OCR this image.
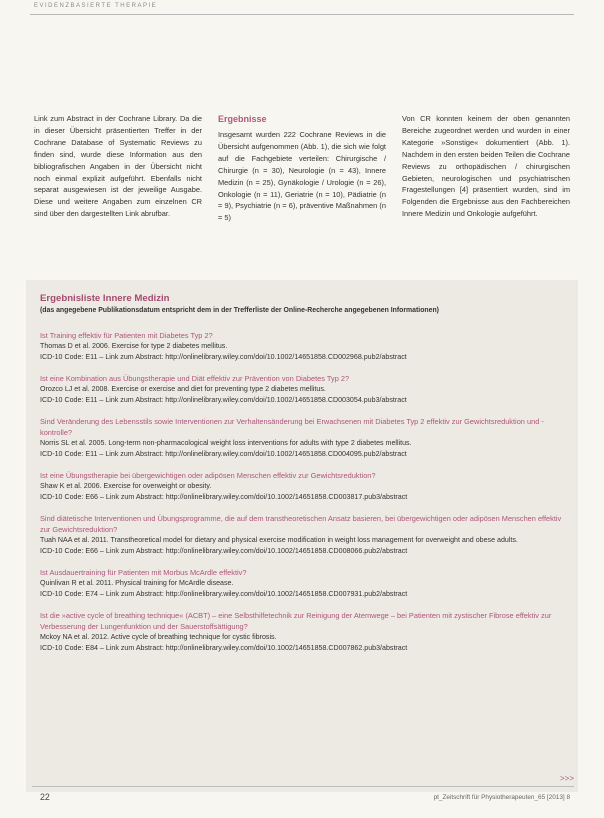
EVIDENZBASIERTE THERAPIE
Link zum Abstract in der Cochrane Library. Da die in dieser Übersicht präsentierten Treffer in der Cochrane Database of Systematic Reviews zu finden sind, wurde diese Information aus den bibliografischen Angaben in der Übersicht nicht noch einmal explizit aufgeführt. Ebenfalls nicht separat ausgewiesen ist der jeweilige Ausgabe. Diese und weitere Angaben zum einzelnen CR sind über den dargestellten Link abrufbar.
Ergebnisse
Insgesamt wurden 222 Cochrane Reviews in die Übersicht aufgenommen (Abb. 1), die sich wie folgt auf die Fachgebiete verteilen: Chirurgische / Chirurgie (n = 30), Neurologie (n = 43), Innere Medizin (n = 25), Gynäkologie / Urologie (n = 26), Onkologie (n = 11), Geriatrie (n = 10), Pädiatrie (n = 9), Psychiatrie (n = 6), präventive Maßnahmen (n = 5)
Von CR konnten keinem der oben genannten Bereiche zugeordnet werden und wurden in einer Kategorie »Sonstige« dokumentiert (Abb. 1). Nachdem in den ersten beiden Teilen die Cochrane Reviews zu orthopädischen / chirurgischen Gebieten, neurologischen und psychiatrischen Fragestellungen [4] präsentiert wurden, sind im Folgenden die Ergebnisse aus den Fachbereichen Innere Medizin und Onkologie aufgeführt.
Ergebnisliste Innere Medizin
(das angegebene Publikationsdatum entspricht dem in der Trefferliste der Online-Recherche angegebenen Informationen)
Ist Training effektiv für Patienten mit Diabetes Typ 2?
Thomas D et al. 2006. Exercise for type 2 diabetes mellitus.
ICD-10 Code: E11 – Link zum Abstract: http://onlinelibrary.wiley.com/doi/10.1002/14651858.CD002968.pub2/abstract
Ist eine Kombination aus Übungstherapie und Diät effektiv zur Prävention von Diabetes Typ 2?
Orozco LJ et al. 2008. Exercise or exercise and diet for preventing type 2 diabetes mellitus.
ICD-10 Code: E11 – Link zum Abstract: http://onlinelibrary.wiley.com/doi/10.1002/14651858.CD003054.pub3/abstract
Sind Veränderung des Lebensstils sowie Interventionen zur Verhaltensänderung bei Erwachsenen mit Diabetes Typ 2 effektiv zur Gewichtsreduktion und -kontrolle?
Norris SL et al. 2005. Long-term non-pharmacological weight loss interventions for adults with type 2 diabetes mellitus.
ICD-10 Code: E11 – Link zum Abstract: http://onlinelibrary.wiley.com/doi/10.1002/14651858.CD004095.pub2/abstract
Ist eine Übungstherapie bei übergewichtigen oder adipösen Menschen effektiv zur Gewichtsreduktion?
Shaw K et al. 2006. Exercise for overweight or obesity.
ICD-10 Code: E66 – Link zum Abstract: http://onlinelibrary.wiley.com/doi/10.1002/14651858.CD003817.pub3/abstract
Sind diätetische Interventionen und Übungsprogramme, die auf dem transtheoretischen Ansatz basieren, bei übergewichtigen oder adipösen Menschen effektiv zur Gewichtsreduktion?
Tuah NAA et al. 2011. Transtheoretical model for dietary and physical exercise modification in weight loss management for overweight and obese adults.
ICD-10 Code: E66 – Link zum Abstract: http://onlinelibrary.wiley.com/doi/10.1002/14651858.CD008066.pub2/abstract
Ist Ausdauertraining für Patienten mit Morbus McArdle effektiv?
Quinlivan R et al. 2011. Physical training for McArdle disease.
ICD-10 Code: E74 – Link zum Abstract: http://onlinelibrary.wiley.com/doi/10.1002/14651858.CD007931.pub2/abstract
Ist die »active cycle of breathing technique« (ACBT) – eine Selbsthilfetechnik zur Reinigung der Atemwege – bei Patienten mit zystischer Fibrose effektiv zur Verbesserung der Lungenfunktion und der Sauerstoffsättigung?
Mckoy NA et al. 2012. Active cycle of breathing technique for cystic fibrosis.
ICD-10 Code: E84 – Link zum Abstract: http://onlinelibrary.wiley.com/doi/10.1002/14651858.CD007862.pub3/abstract
>>>
22	pt_Zeitschrift für Physiotherapeuten_65 [2013] 8
